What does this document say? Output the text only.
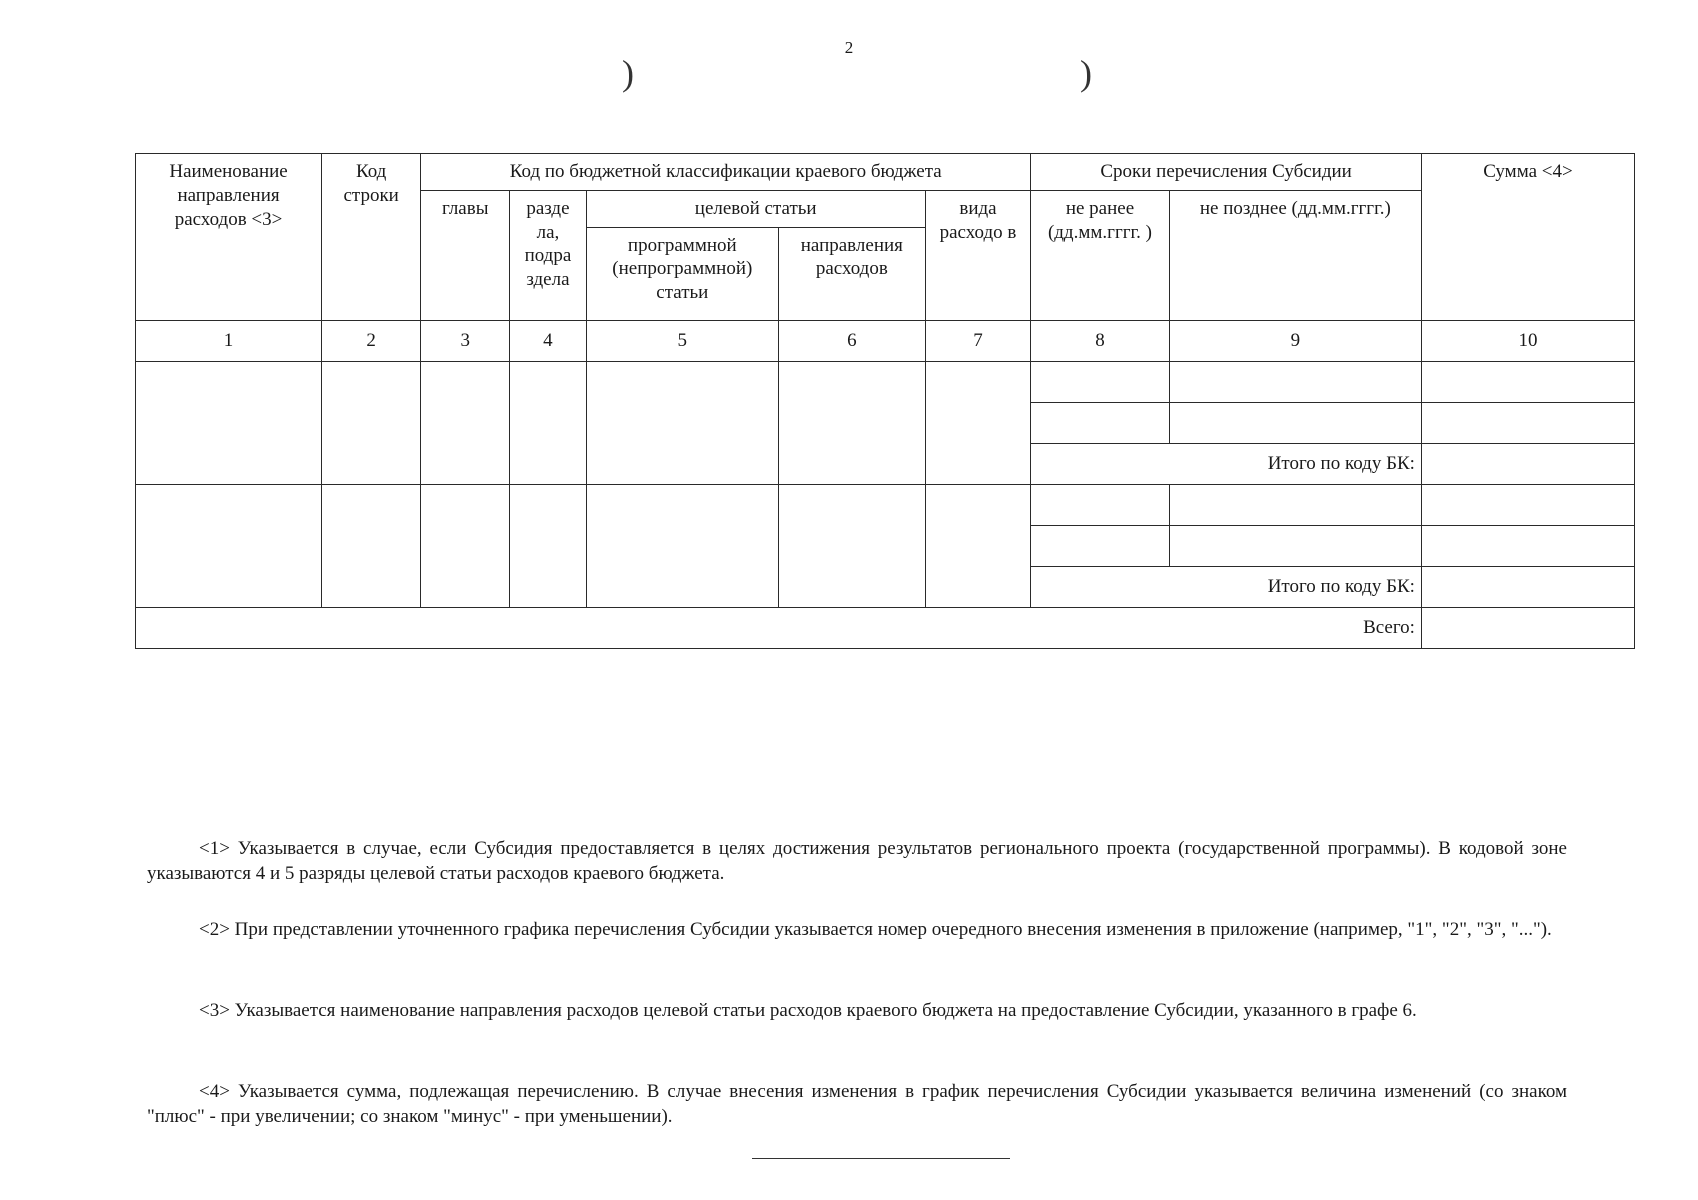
2
)	)
Наименование направления расходов <3>	Код строки	Код по бюджетной классификации краевого бюджета					Сроки перечисления Субсидии		Сумма <4>
		главы	разде ла, подра здела	целевой статьи		вида расходо в	не ранее (дд.мм.гггг. )	не позднее (дд.мм.гггг.)	
				программной (непрограммной) статьи	направления расходов				
1	2	3	4	5	6	7	8	9	10

							Итого по коду БК:		

							Итого по коду БК:		
Всего:									

<1> Указывается в случае, если Субсидия предоставляется в целях достижения результатов регионального проекта (государственной программы). В кодовой зоне указываются 4 и 5 разряды целевой статьи расходов краевого бюджета.

<2> При представлении уточненного графика перечисления Субсидии указывается номер очередного внесения изменения в приложение (например, "1", "2", "3", "...").

<3> Указывается наименование направления расходов целевой статьи расходов краевого бюджета на предоставление Субсидии, указанного в графе 6.

<4> Указывается сумма, подлежащая перечислению. В случае внесения изменения в график перечисления Субсидии указывается величина изменений (со знаком "плюс" - при увеличении; со знаком "минус" - при уменьшении).
